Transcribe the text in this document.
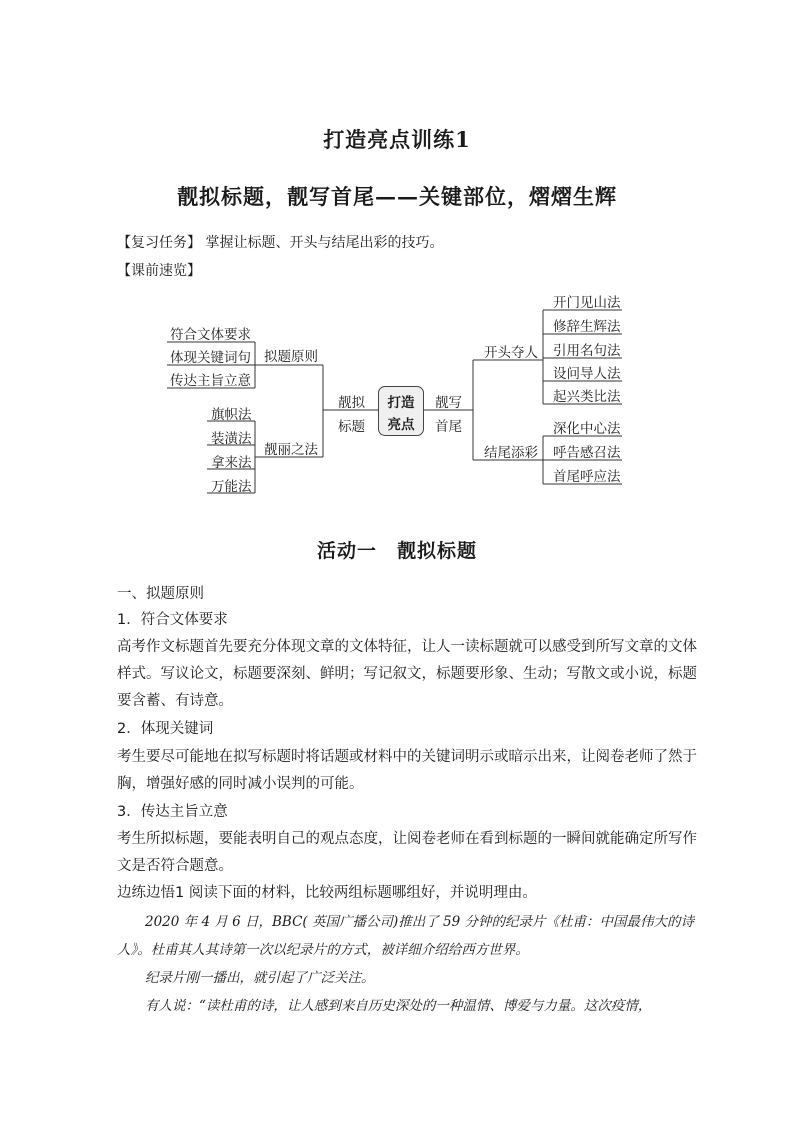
打造亮点训练1
靓拟标题，靓写首尾——关键部位，熠熠生辉
【复习任务】 掌握让标题、开头与结尾出彩的技巧。
【课前速览】
符合文体要求
体现关键词句
传达主旨立意
拟题原则
旗帜法
装潢法
拿来法
万能法
靓丽之法
靓拟
标题
打造
亮点
靓写
首尾
开头夺人
结尾添彩
开门见山法
修辞生辉法
引用名句法
设问导人法
起兴类比法
深化中心法
呼告感召法
首尾呼应法
活动一　靓拟标题
一、拟题原则
1．符合文体要求
高考作文标题首先要充分体现文章的文体特征，让人一读标题就可以感受到所写文章的文体
样式。写议论文，标题要深刻、鲜明；写记叙文，标题要形象、生动；写散文或小说，标题
要含蓄、有诗意。
2．体现关键词
考生要尽可能地在拟写标题时将话题或材料中的关键词明示或暗示出来，让阅卷老师了然于
胸，增强好感的同时减小误判的可能。
3．传达主旨立意
考生所拟标题，要能表明自己的观点态度，让阅卷老师在看到标题的一瞬间就能确定所写作
文是否符合题意。
边练边悟1 阅读下面的材料，比较两组标题哪组好，并说明理由。
2020 年 4 月 6 日，BBC( 英国广播公司)推出了 59 分钟的纪录片《杜甫：中国最伟大的诗
人》。杜甫其人其诗第一次以纪录片的方式，被详细介绍给西方世界。
纪录片刚一播出，就引起了广泛关注。
有人说：“读杜甫的诗，让人感到来自历史深处的一种温情、博爱与力量。这次疫情，
